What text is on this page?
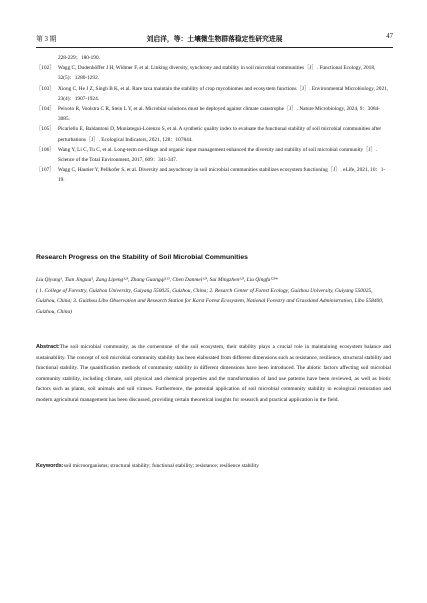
第 3 期	刘启洋，等：土壤微生物群落稳定性研究进展	47
228-229；180-190.
［102］ Wagg C, Dudenhöffer J H, Widmer F, et al. Linking diversity, synchrony and stability in soil microbial communities［J］. Functional Ecology, 2018, 32(5)：1280-1292.
［103］ Xiong C, He J Z, Singh B K, et al. Rare taxa maintain the stability of crop mycobiomes and ecosystem functions［J］. Environmental Microbiology, 2021, 23(4)：1907-1924.
［104］ Peixoto R, Voolstra C R, Stein L Y, et al. Microbial solutions must be deployed against climate catastrophe［J］. Nature Microbiology, 2024, 9：3084-3085.
［105］ Picariello E, Baldantoni D, Muniategui-Lorenzo S, et al. A synthetic quality index to evaluate the functional stability of soil microbial communities after perturbations［J］. Ecological Indicators, 2021, 128：107844.
［106］ Wang Y, Li C, Tu C, et al. Long-term no-tillage and organic input management enhanced the diversity and stability of soil microbial community［J］. Science of the Total Environment, 2017, 609：341-347.
［107］ Wagg C, Hautier Y, Pellkofer S, et al. Diversity and asynchrony in soil microbial communities stabilizes ecosystem functioning［J］. eLife, 2021, 10：1-19.
Research Progress on the Stability of Soil Microbial Communities
Liu Qiyang¹, Tian Jingxui¹, Zang Lipeng¹²³, Zhang Guangqi¹²³, Chen Danmei¹²³, Sui Mingzhen¹²³, Liu Qingfu¹²³*
( 1. College of Forestry, Guizhou University, Guiyang 550025, Guizhou, China; 2. Resarch Center of Forest Ecology, Guizhou University, Guiyang 550025, Guizhou, China; 3. Guizhou Libo Observation and Research Station for Karst Forest Ecosystem, National Forestry and Grassland Administration, Libo 558400, Guizhou, China)
Abstract:The soil microbial community, as the cornerstone of the soil ecosystem, their stability plays a crucial role in maintaining ecosystem balance and sustainability. The concept of soil microbial community stability has been elaborated from different dimensions such as resistance, resilience, structural stability and functional stability. The quantification methods of community stability in different dimensions have been introduced. The abiotic factors affecting soil microbial community stability, including climate, soil physical and chemical properties and the transformation of land use patterns have been reviewed, as well as biotic factors such as plants, soil animals and soil viruses. Furthermore, the potential application of soil microbial community stability in ecological restoration and modern agricultural management has been discussed, providing certain theoretical insights for research and practical application in the field.
Keywords:soil microorganisms; structural stability; functional stability; resistance; resilience stability
